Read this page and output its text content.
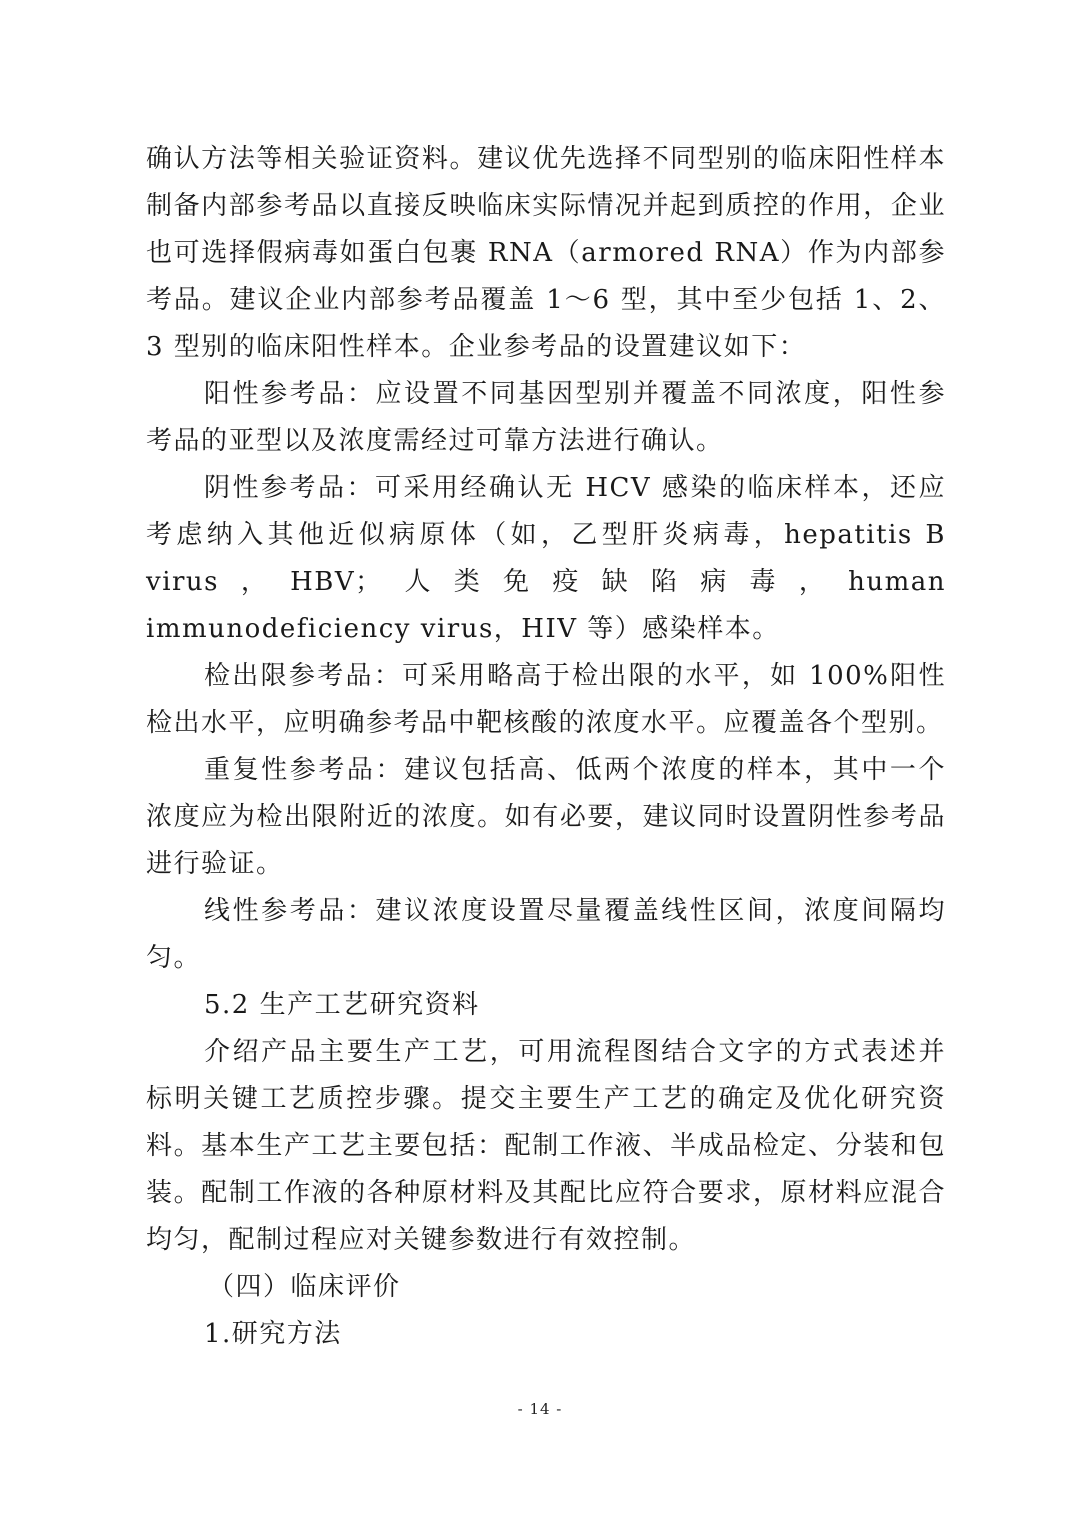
确认方法等相关验证资料。建议优先选择不同型别的临床阳性样本制备内部参考品以直接反映临床实际情况并起到质控的作用，企业也可选择假病毒如蛋白包裹 RNA（armored RNA）作为内部参考品。建议企业内部参考品覆盖 1～6 型，其中至少包括 1、2、3 型别的临床阳性样本。企业参考品的设置建议如下：

阳性参考品：应设置不同基因型别并覆盖不同浓度，阳性参考品的亚型以及浓度需经过可靠方法进行确认。

阴性参考品：可采用经确认无 HCV 感染的临床样本，还应考虑纳入其他近似病原体（如，乙型肝炎病毒，hepatitis B virus，HBV；人类免疫缺陷病毒，human immunodeficiency virus，HIV 等）感染样本。

检出限参考品：可采用略高于检出限的水平，如 100%阳性检出水平，应明确参考品中靶核酸的浓度水平。应覆盖各个型别。

重复性参考品：建议包括高、低两个浓度的样本，其中一个浓度应为检出限附近的浓度。如有必要，建议同时设置阴性参考品进行验证。

线性参考品：建议浓度设置尽量覆盖线性区间，浓度间隔均匀。

5.2 生产工艺研究资料

介绍产品主要生产工艺，可用流程图结合文字的方式表述并标明关键工艺质控步骤。提交主要生产工艺的确定及优化研究资料。基本生产工艺主要包括：配制工作液、半成品检定、分装和包装。配制工作液的各种原材料及其配比应符合要求，原材料应混合均匀，配制过程应对关键参数进行有效控制。

（四）临床评价

1.研究方法

- 14 -
